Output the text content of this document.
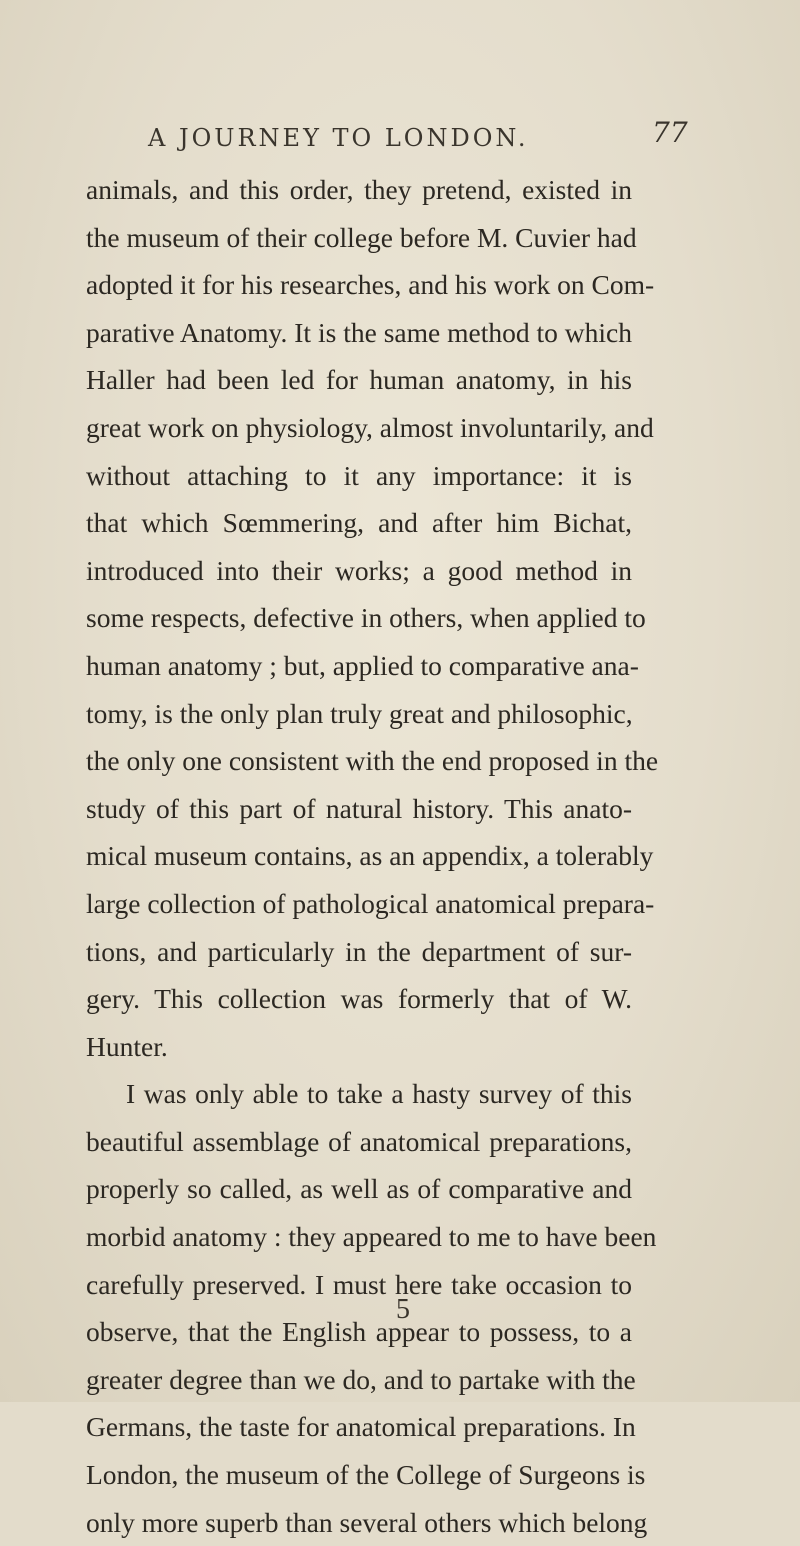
A JOURNEY TO LONDON.	77
animals, and this order, they pretend, existed in
the museum of their college before M. Cuvier had
adopted it for his researches, and his work on Com-
parative Anatomy. It is the same method to which
Haller had been led for human anatomy, in his
great work on physiology, almost involuntarily, and
without attaching to it any importance: it is
that which Sœmmering, and after him Bichat,
introduced into their works; a good method in
some respects, defective in others, when applied to
human anatomy ; but, applied to comparative ana-
tomy, is the only plan truly great and philosophic,
the only one consistent with the end proposed in the
study of this part of natural history. This anato-
mical museum contains, as an appendix, a tolerably
large collection of pathological anatomical prepara-
tions, and particularly in the department of sur-
gery. This collection was formerly that of W.
Hunter.
I was only able to take a hasty survey of this
beautiful assemblage of anatomical preparations,
properly so called, as well as of comparative and
morbid anatomy : they appeared to me to have been
carefully preserved. I must here take occasion to
observe, that the English appear to possess, to a
greater degree than we do, and to partake with the
Germans, the taste for anatomical preparations. In
London, the museum of the College of Surgeons is
only more superb than several others which belong
5
